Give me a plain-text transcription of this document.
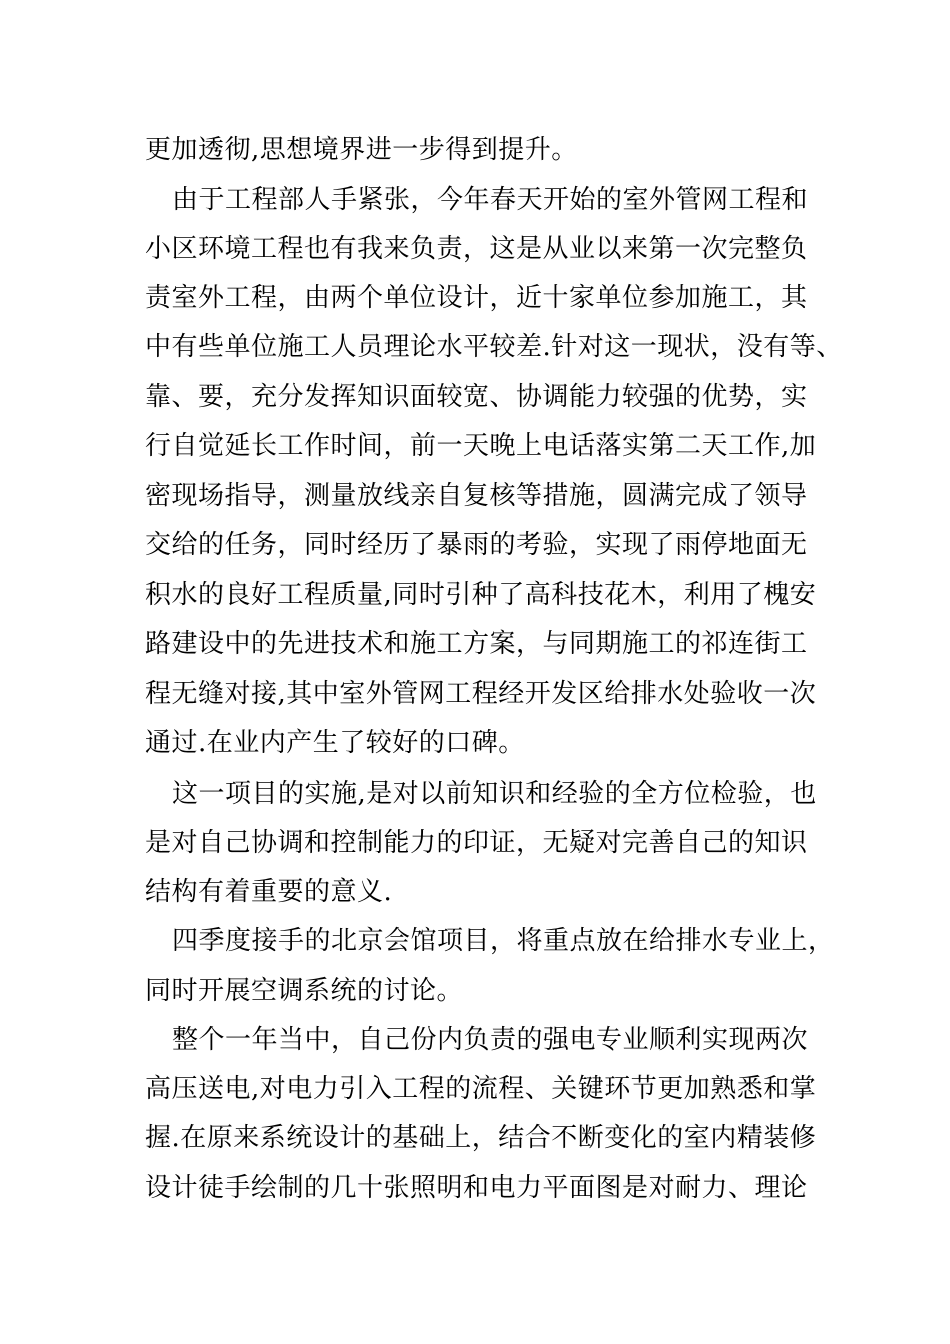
更加透彻,思想境界进一步得到提升。
由于工程部人手紧张，今年春天开始的室外管网工程和
小区环境工程也有我来负责，这是从业以来第一次完整负
责室外工程，由两个单位设计，近十家单位参加施工，其
中有些单位施工人员理论水平较差.针对这一现状，没有等、
靠、要，充分发挥知识面较宽、协调能力较强的优势，实
行自觉延长工作时间，前一天晚上电话落实第二天工作,加
密现场指导，测量放线亲自复核等措施，圆满完成了领导
交给的任务，同时经历了暴雨的考验，实现了雨停地面无
积水的良好工程质量,同时引种了高科技花木，利用了槐安
路建设中的先进技术和施工方案，与同期施工的祁连街工
程无缝对接,其中室外管网工程经开发区给排水处验收一次
通过.在业内产生了较好的口碑。
这一项目的实施,是对以前知识和经验的全方位检验，也
是对自己协调和控制能力的印证，无疑对完善自己的知识
结构有着重要的意义.
四季度接手的北京会馆项目，将重点放在给排水专业上，
同时开展空调系统的讨论。
整个一年当中，自己份内负责的强电专业顺利实现两次
高压送电,对电力引入工程的流程、关键环节更加熟悉和掌
握.在原来系统设计的基础上，结合不断变化的室内精装修
设计徒手绘制的几十张照明和电力平面图是对耐力、理论
